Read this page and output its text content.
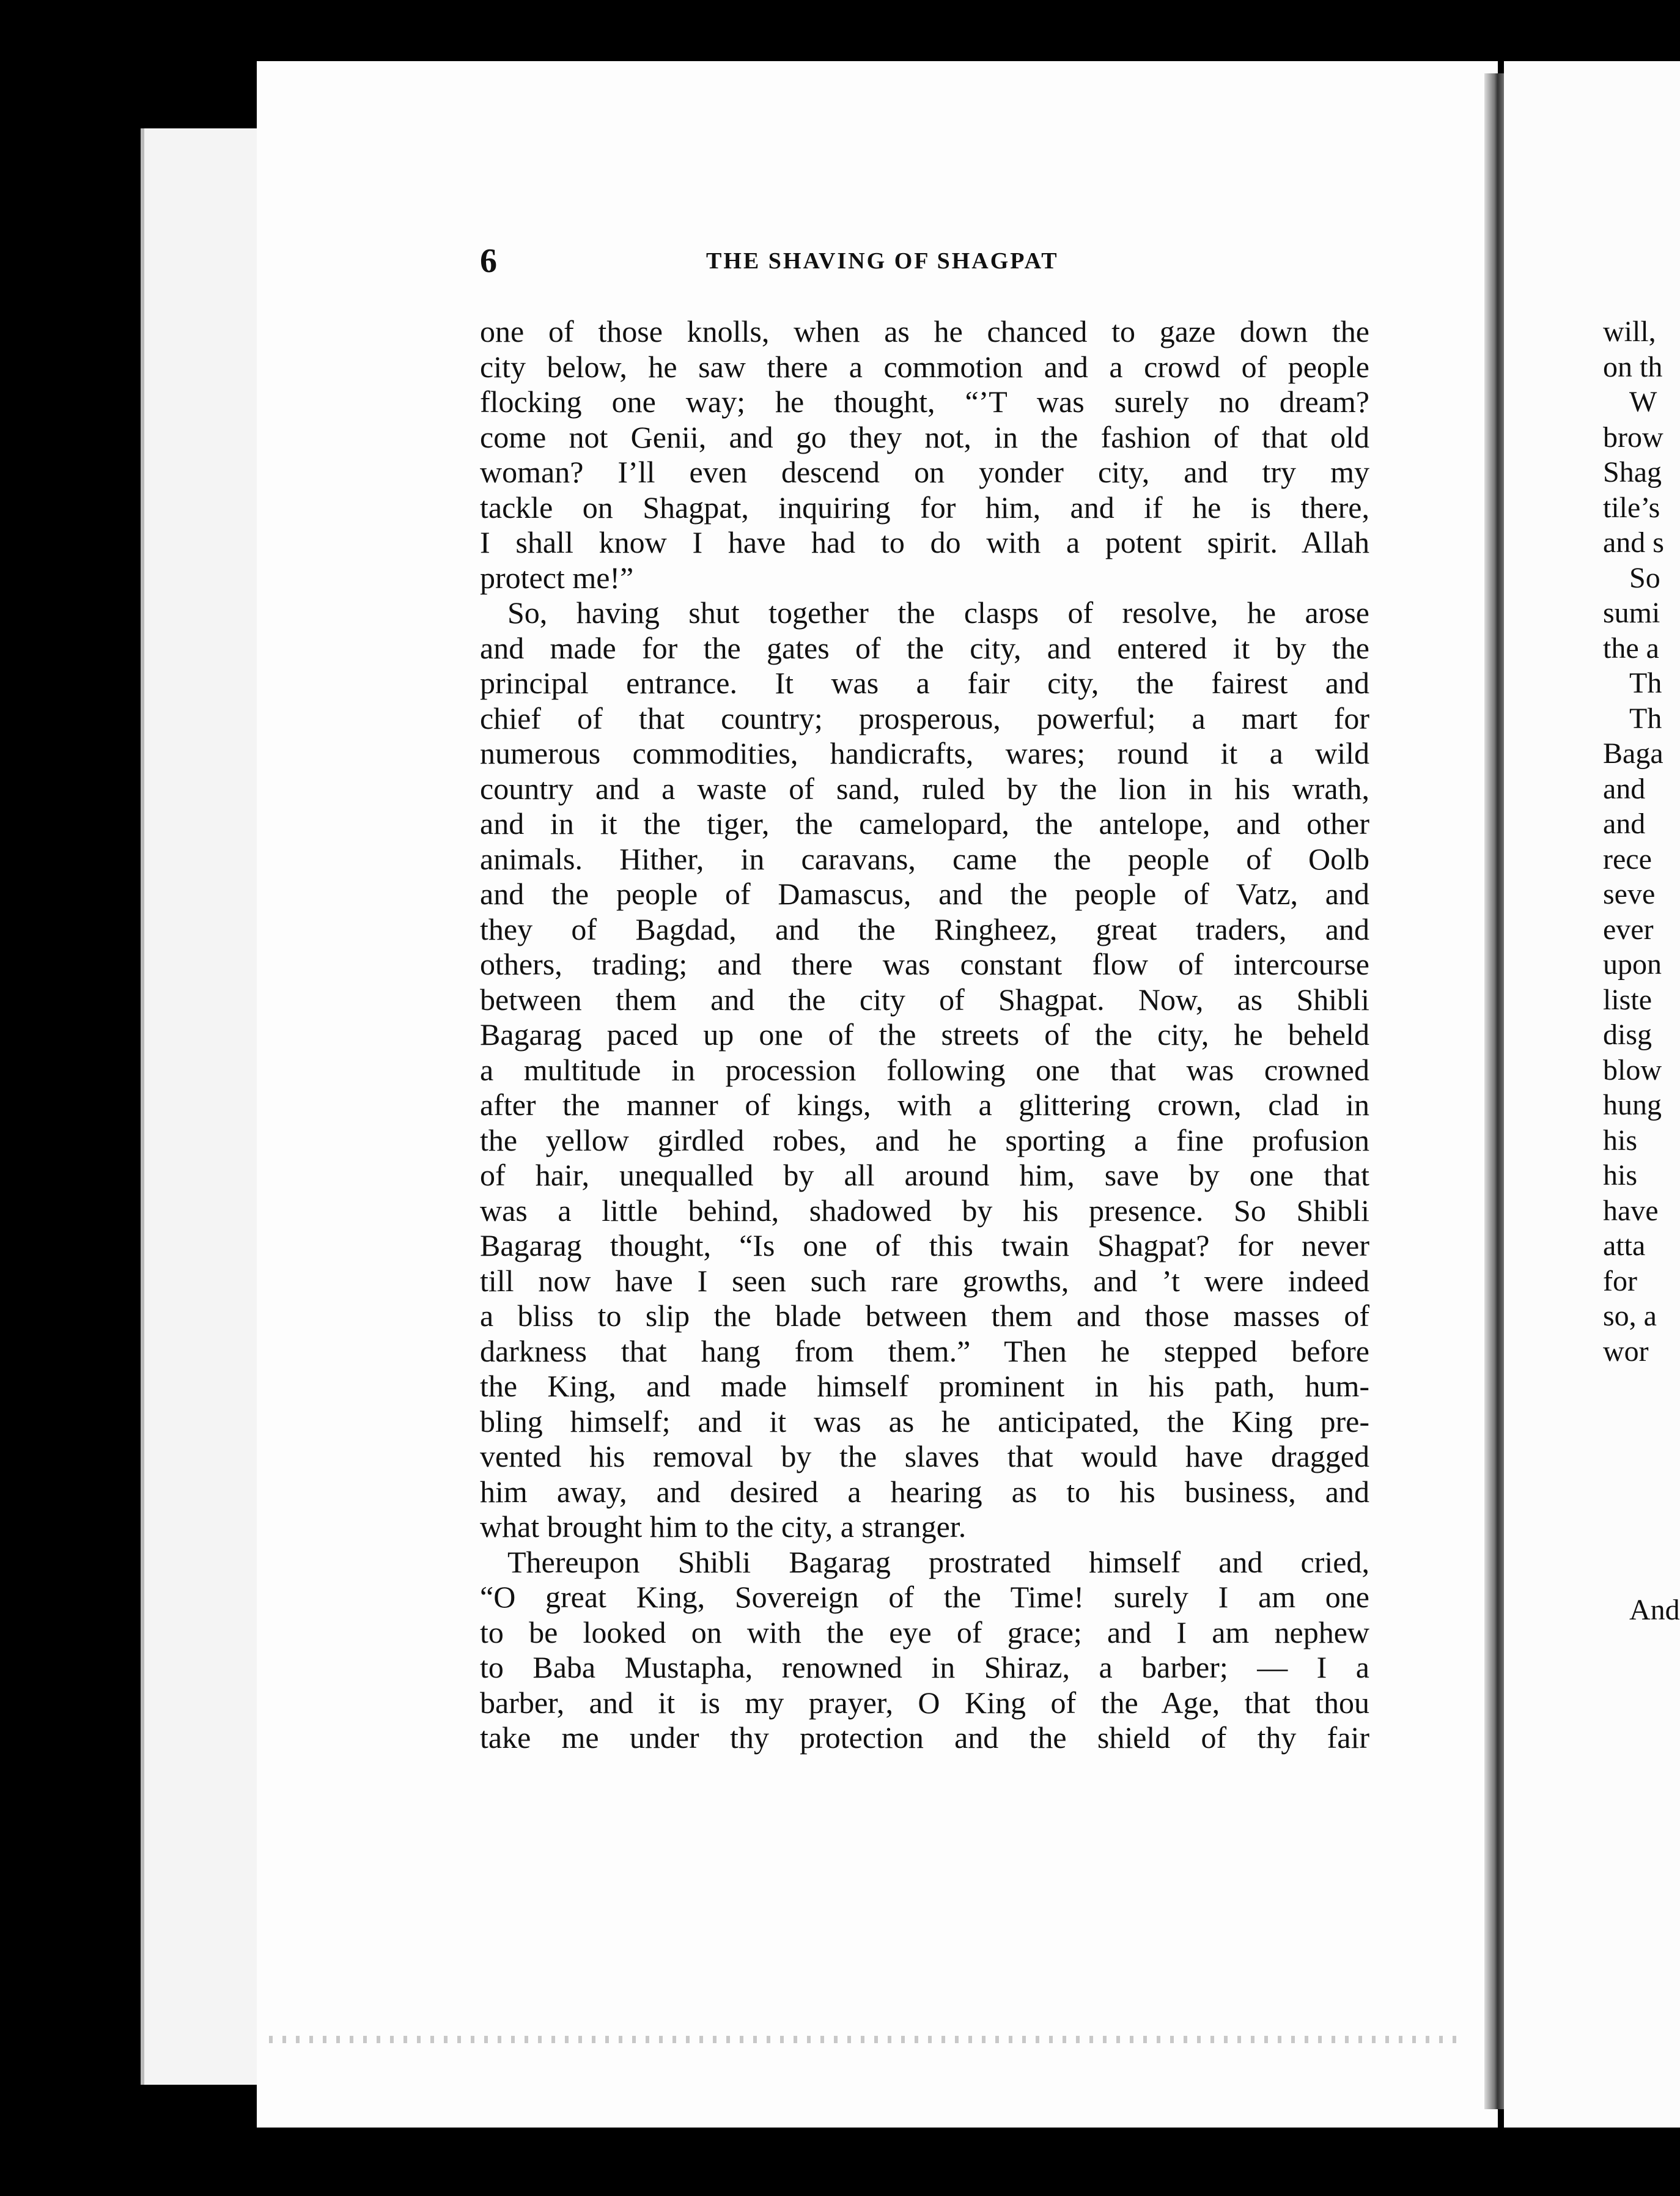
6	THE SHAVING OF SHAGPAT
one of those knolls, when as he chanced to gaze down the
city below, he saw there a commotion and a crowd of people
flocking one way; he thought, “’T was surely no dream?
come not Genii, and go they not, in the fashion of that old
woman? I’ll even descend on yonder city, and try my
tackle on Shagpat, inquiring for him, and if he is there,
I shall know I have had to do with a potent spirit. Allah
protect me!”
So, having shut together the clasps of resolve, he arose
and made for the gates of the city, and entered it by the
principal entrance. It was a fair city, the fairest and
chief of that country; prosperous, powerful; a mart for
numerous commodities, handicrafts, wares; round it a wild
country and a waste of sand, ruled by the lion in his wrath,
and in it the tiger, the camelopard, the antelope, and other
animals. Hither, in caravans, came the people of Oolb
and the people of Damascus, and the people of Vatz, and
they of Bagdad, and the Ringheez, great traders, and
others, trading; and there was constant flow of intercourse
between them and the city of Shagpat. Now, as Shibli
Bagarag paced up one of the streets of the city, he beheld
a multitude in procession following one that was crowned
after the manner of kings, with a glittering crown, clad in
the yellow girdled robes, and he sporting a fine profusion
of hair, unequalled by all around him, save by one that
was a little behind, shadowed by his presence. So Shibli
Bagarag thought, “Is one of this twain Shagpat? for never
till now have I seen such rare growths, and ’t were indeed
a bliss to slip the blade between them and those masses of
darkness that hang from them.” Then he stepped before
the King, and made himself prominent in his path, hum-
bling himself; and it was as he anticipated, the King pre-
vented his removal by the slaves that would have dragged
him away, and desired a hearing as to his business, and
what brought him to the city, a stranger.
Thereupon Shibli Bagarag prostrated himself and cried,
“O great King, Sovereign of the Time! surely I am one
to be looked on with the eye of grace; and I am nephew
to Baba Mustapha, renowned in Shiraz, a barber; — I a
barber, and it is my prayer, O King of the Age, that thou
take me under thy protection and the shield of thy fair
will,
on th
W
brow
Shag
tile’s
and s
So
sumi
the a
Th
Th
Baga
and
and
rece
seve
ever
upon
liste
disg
blow
hung
his
his
have
atta
for
so, a
wor
And
